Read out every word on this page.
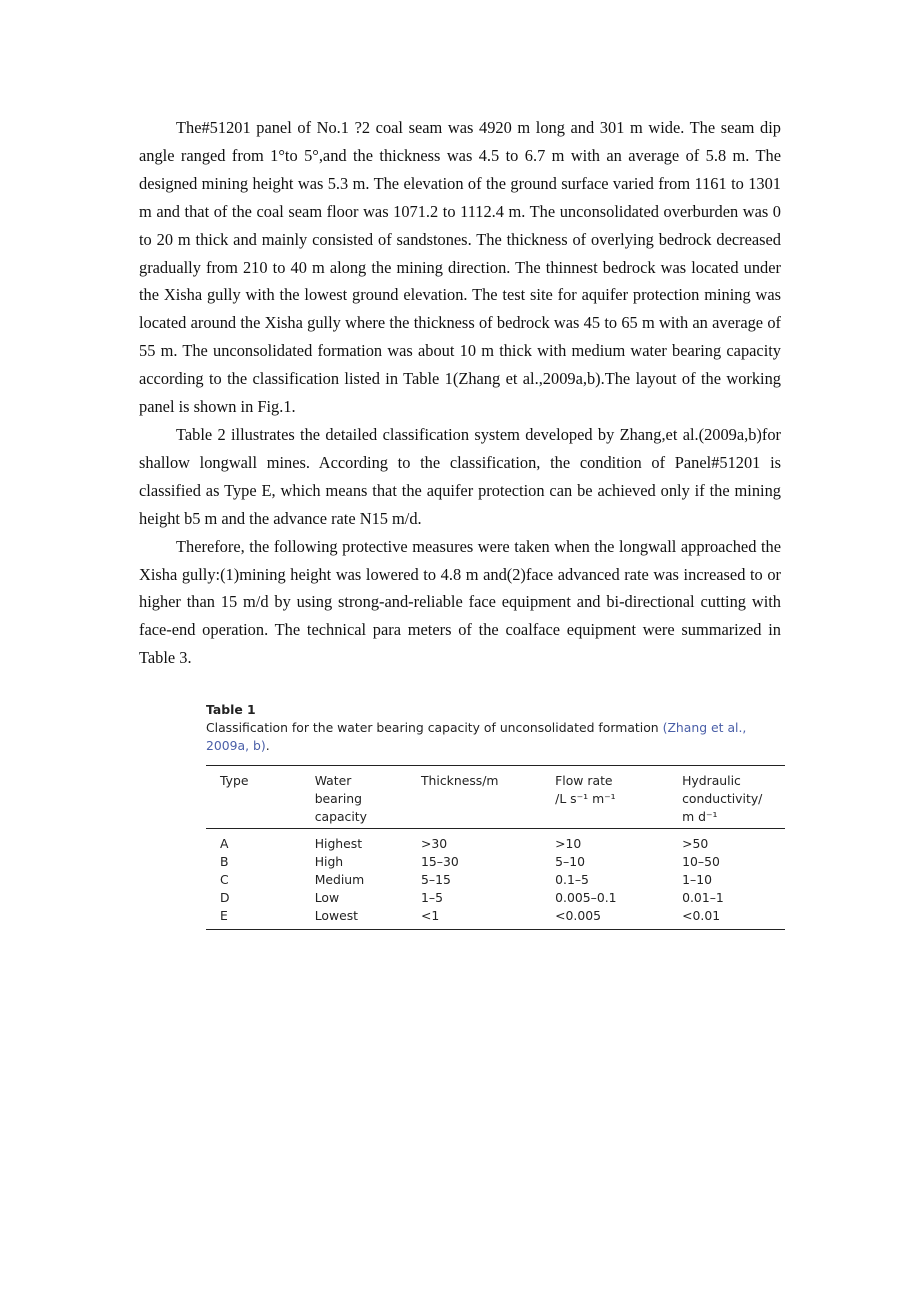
The#51201 panel of No.1 ?2 coal seam was 4920 m long and 301 m wide. The seam dip angle ranged from 1°to 5°,and the thickness was 4.5 to 6.7 m with an average of 5.8 m. The designed mining height was 5.3 m. The elevation of the ground surface varied from 1161 to 1301 m and that of the coal seam floor was 1071.2 to 1112.4 m. The unconsolidated overburden was 0 to 20 m thick and mainly consisted of sandstones. The thickness of overlying bedrock decreased gradually from 210 to 40 m along the mining direction. The thinnest bedrock was located under the Xisha gully with the lowest ground elevation. The test site for aquifer protection mining was located around the Xisha gully where the thickness of bedrock was 45 to 65 m with an average of 55 m. The unconsolidated formation was about 10 m thick with medium water bearing capacity according to the classification listed in Table 1(Zhang et al.,2009a,b).The layout of the working panel is shown in Fig.1.

Table 2 illustrates the detailed classification system developed by Zhang,et al.(2009a,b)for shallow longwall mines. According to the classification, the condition of Panel#51201 is classified as Type E, which means that the aquifer protection can be achieved only if the mining height b5 m and the advance rate N15 m/d.

Therefore, the following protective measures were taken when the longwall approached the Xisha gully:(1)mining height was lowered to 4.8 m and(2)face advanced rate was increased to or higher than 15 m/d by using strong-and-reliable face equipment and bi-directional cutting with face-end operation. The technical para meters of the coalface equipment were summarized in Table 3.

Table 1

Classification for the water bearing capacity of unconsolidated formation (Zhang et al., 2009a, b).

Type	Water
bearing
capacity	Thickness/m	Flow rate
/L s⁻¹ m⁻¹	Hydraulic
conductivity/
m d⁻¹
A	Highest	>30	>10	>50
B	High	15–30	5–10	10–50
C	Medium	5–15	0.1–5	1–10
D	Low	1–5	0.005–0.1	0.01–1
E	Lowest	<1	<0.005	<0.01
